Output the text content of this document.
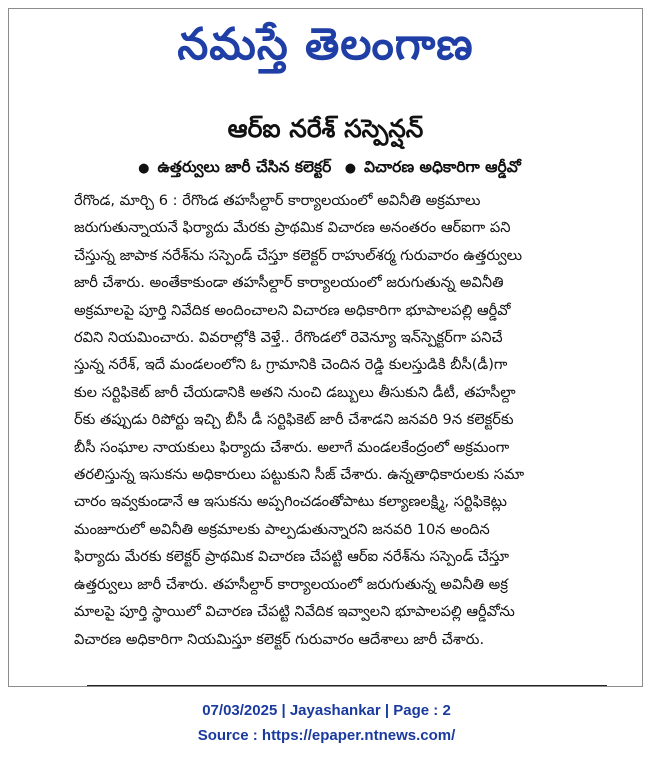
నమస్తే తెలంగాణ
ఆర్ఐ నరేశ్ సస్పెన్షన్
● ఉత్తర్వులు జారీ చేసిన కలెక్టర్ ● విచారణ అధికారిగా ఆర్డీవో
రేగొండ, మార్చి 6 : రేగొండ తహసీల్దార్ కార్యాలయంలో అవినీతి అక్రమాలు
జరుగుతున్నాయనే ఫిర్యాదు మేరకు ప్రాథమిక విచారణ అనంతరం ఆర్ఐగా పని
చేస్తున్న జాపాక నరేశ్‌ను సస్పెండ్ చేస్తూ కలెక్టర్ రాహుల్‌శర్మ గురువారం ఉత్తర్వులు
జారీ చేశారు. అంతేకాకుండా తహసీల్దార్ కార్యాలయంలో జరుగుతున్న అవినీతి
అక్రమాలపై పూర్తి నివేదిక అందించాలని విచారణ అధికారిగా భూపాలపల్లి ఆర్డీవో
రవిని నియమించారు. వివరాల్లోకి వెళ్తే.. రేగొండలో రెవెన్యూ ఇన్‌స్పెక్టర్‌గా పనిచే
స్తున్న నరేశ్, ఇదే మండలంలోని ఓ గ్రామానికి చెందిన రెడ్డి కులస్తుడికి బీసీ(డీ)గా
కుల సర్టిఫికెట్ జారీ చేయడానికి అతని నుంచి డబ్బులు తీసుకుని డీటీ, తహసీల్దా
ర్‌కు తప్పుడు రిపోర్టు ఇచ్చి బీసీ డీ సర్టిఫికెట్ జారీ చేశాడని జనవరి 9న కలెక్టర్‌కు
బీసీ సంఘాల నాయకులు ఫిర్యాదు చేశారు. అలాగే మండలకేంద్రంలో అక్రమంగా
తరలిస్తున్న ఇసుకను అధికారులు పట్టుకుని సీజ్ చేశారు. ఉన్నతాధికారులకు సమా
చారం ఇవ్వకుండానే ఆ ఇసుకను అప్పగించడంతోపాటు కల్యాణలక్ష్మి, సర్టిఫికెట్లు
మంజూరులో అవినీతి అక్రమాలకు పాల్పడుతున్నారని జనవరి 10న అందిన
ఫిర్యాదు మేరకు కలెక్టర్ ప్రాథమిక విచారణ చేపట్టి ఆర్ఐ నరేశ్‌ను సస్పెండ్ చేస్తూ
ఉత్తర్వులు జారీ చేశారు. తహసీల్దార్ కార్యాలయంలో జరుగుతున్న అవినీతి అక్ర
మాలపై పూర్తి స్థాయిలో విచారణ చేపట్టి నివేదిక ఇవ్వాలని భూపాలపల్లి ఆర్డీవోను
విచారణ అధికారిగా నియమిస్తూ కలెక్టర్ గురువారం ఆదేశాలు జారీ చేశారు.
07/03/2025 | Jayashankar | Page : 2
Source : https://epaper.ntnews.com/
